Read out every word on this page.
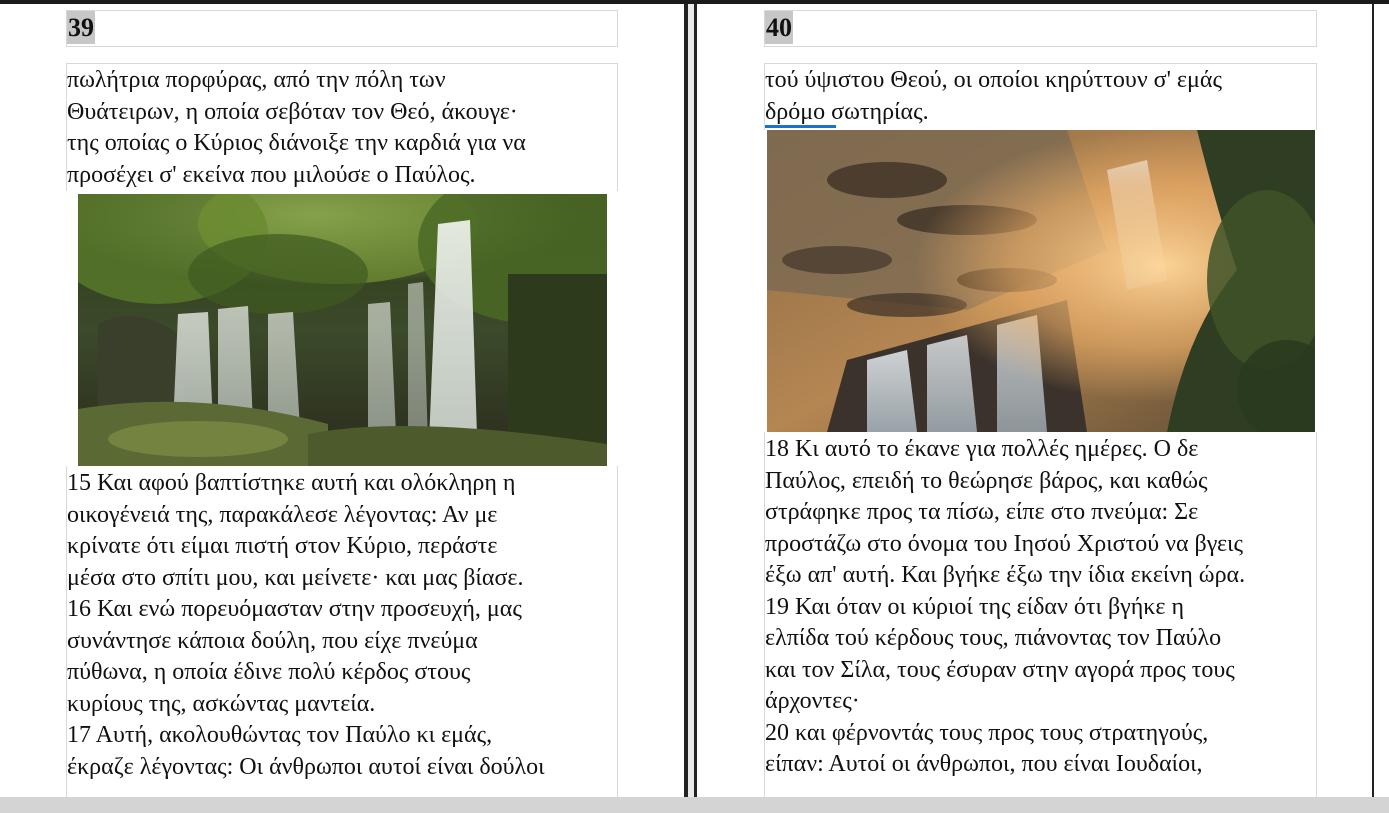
39
πωλήτρια πορφύρας, από την πόλη των
Θυάτειρων, η οποία σεβόταν τον Θεό, άκουγε·
της οποίας ο Κύριος διάνοιξε την καρδιά για να
προσέχει σ' εκείνα που μιλούσε ο Παύλος.
15 Και αφού βαπτίστηκε αυτή και ολόκληρη η
οικογένειά της, παρακάλεσε λέγοντας: Αν με
κρίνατε ότι είμαι πιστή στον Κύριο, περάστε
μέσα στο σπίτι μου, και μείνετε· και μας βίασε.
16 Και ενώ πορευόμασταν στην προσευχή, μας
συνάντησε κάποια δούλη, που είχε πνεύμα
πύθωνα, η οποία έδινε πολύ κέρδος στους
κυρίους της, ασκώντας μαντεία.
17 Αυτή, ακολουθώντας τον Παύλο κι εμάς,
έκραζε λέγοντας: Οι άνθρωποι αυτοί είναι δούλοι
40
τού ύψιστου Θεού, οι οποίοι κηρύττουν σ' εμάς
δρόμο σωτηρίας.
18 Κι αυτό το έκανε για πολλές ημέρες. Ο δε
Παύλος, επειδή το θεώρησε βάρος, και καθώς
στράφηκε προς τα πίσω, είπε στο πνεύμα: Σε
προστάζω στο όνομα του Ιησού Χριστού να βγεις
έξω απ' αυτή. Και βγήκε έξω την ίδια εκείνη ώρα.
19 Και όταν οι κύριοί της είδαν ότι βγήκε η
ελπίδα τού κέρδους τους, πιάνοντας τον Παύλο
και τον Σίλα, τους έσυραν στην αγορά προς τους
άρχοντες·
20 και φέρνοντάς τους προς τους στρατηγούς,
είπαν: Αυτοί οι άνθρωποι, που είναι Ιουδαίοι,
